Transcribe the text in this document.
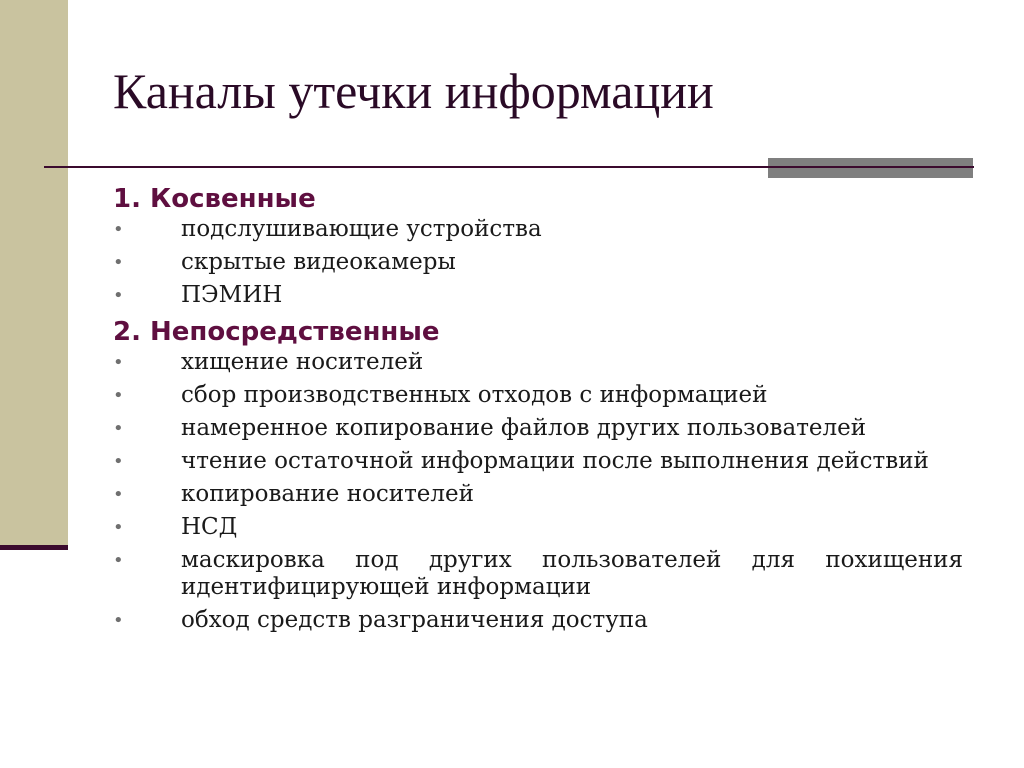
Каналы утечки информации

1. Косвенные

• подслушивающие устройства
• скрытые видеокамеры
• ПЭМИН

2. Непосредственные

• хищение носителей
• сбор производственных отходов с информацией
• намеренное копирование файлов других пользователей
• чтение остаточной информации после выполнения действий
• копирование носителей
• НСД
• маскировка под других пользователей для похищения идентифицирующей информации
• обход средств разграничения доступа
